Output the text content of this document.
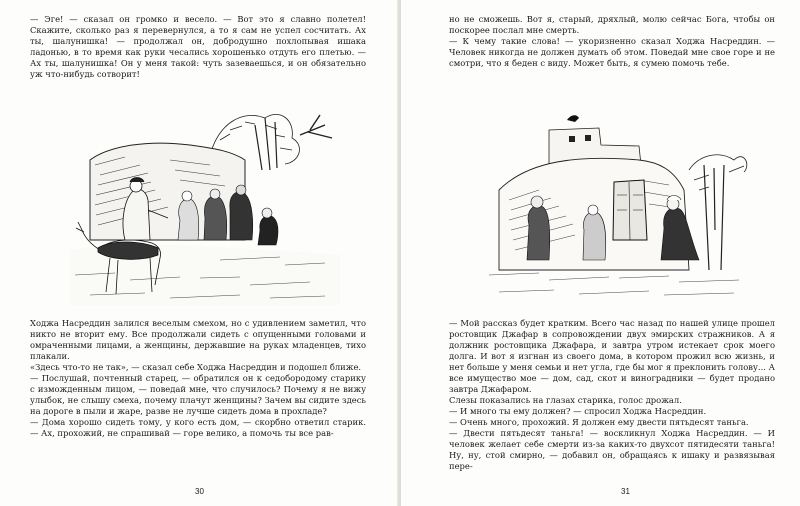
— Эге! — сказал он громко и весело. — Вот это я славно полетел! Скажите, сколько раз я перевернулся, а то я сам не успел сосчитать. Ах ты, шалунишка! — продолжал он, добродушно похлопывая ишака ладонью, в то время как руки чесались хорошенько отдуть его плетью. — Ах ты, шалунишка! Он у меня такой: чуть зазеваешься, и он обязательно уж что-нибудь сотворит!

Ходжа Насреддин залился веселым смехом, но с удивлением заметил, что никто не вторит ему. Все продолжали сидеть с опущенными головами и омраченными лицами, а женщины, державшие на руках младенцев, тихо плакали.

«Здесь что-то не так», — сказал себе Ходжа Насреддин и подошел ближе.

— Послушай, почтенный старец, — обратился он к седобородому старику с изможденным лицом, — поведай мне, что случилось? Почему я не вижу улыбок, не слышу смеха, почему плачут женщины? Зачем вы сидите здесь на дороге в пыли и жаре, разве не лучше сидеть дома в прохладе?

— Дома хорошо сидеть тому, у кого есть дом, — скорбно ответил старик. — Ах, прохожий, не спрашивай — горе велико, а помочь ты все рав-

30

но не сможешь. Вот я, старый, дряхлый, молю сейчас Бога, чтобы он поскорее послал мне смерть.

— К чему такие слова! — укоризненно сказал Ходжа Насреддин. — Человек никогда не должен думать об этом. Поведай мне свое горе и не смотри, что я беден с виду. Может быть, я сумею помочь тебе.

— Мой рассказ будет кратким. Всего час назад по нашей улице прошел ростовщик Джафар в сопровождении двух эмирских стражников. А я должник ростовщика Джафара, и завтра утром истекает срок моего долга. И вот я изгнан из своего дома, в котором прожил всю жизнь, и нет больше у меня семьи и нет угла, где бы мог я преклонить голову... А все имущество мое — дом, сад, скот и виноградники — будет продано завтра Джафаром.

Слезы показались на глазах старика, голос дрожал.

— И много ты ему должен? — спросил Ходжа Насреддин.

— Очень много, прохожий. Я должен ему двести пятьдесят таньга.

— Двести пятьдесят таньга! — воскликнул Ходжа Насреддин. — И человек желает себе смерти из-за каких-то двухсот пятидесяти таньга! Ну, ну, стой смирно, — добавил он, обращаясь к ишаку и развязывая пере-

31
